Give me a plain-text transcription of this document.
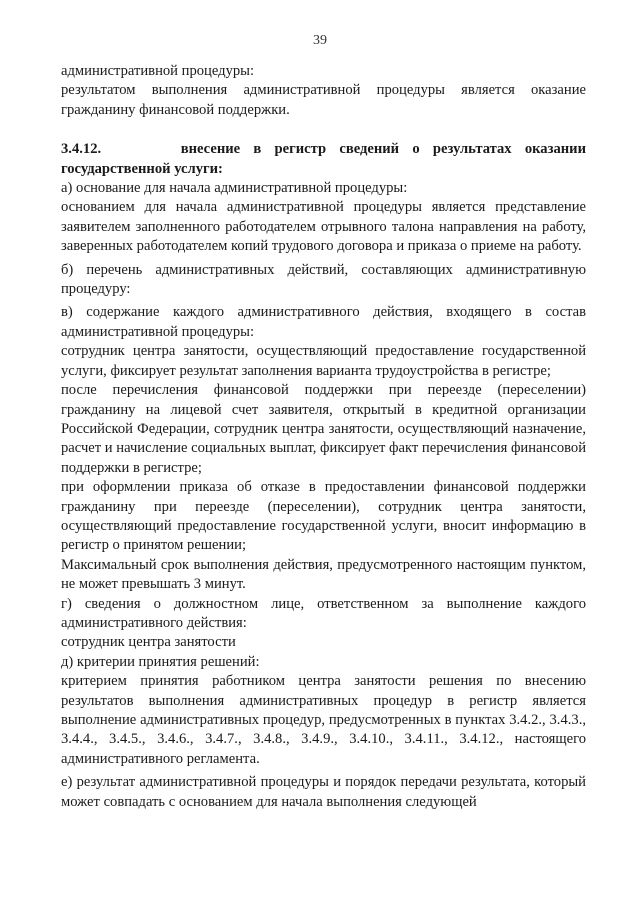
39

административной процедуры:

результатом выполнения административной процедуры является оказание гражданину финансовой поддержки.

3.4.12.	внесение в регистр сведений о результатах оказании
государственной услуги:

а) основание для начала административной процедуры:

основанием для начала административной процедуры является представление заявителем заполненного работодателем отрывного талона направления на работу, заверенных работодателем копий трудового договора и приказа о приеме на работу.

б) перечень административных действий, составляющих административную процедуру:

в) содержание каждого административного действия, входящего в состав административной процедуры:

сотрудник центра занятости, осуществляющий предоставление государственной услуги, фиксирует результат заполнения варианта трудоустройства в регистре;

после перечисления финансовой поддержки при переезде (переселении) гражданину на лицевой счет заявителя, открытый в кредитной организации Российской Федерации, сотрудник центра занятости, осуществляющий назначение, расчет и начисление социальных выплат, фиксирует факт перечисления финансовой поддержки в регистре;

при оформлении приказа об отказе в предоставлении финансовой поддержки гражданину при переезде (переселении), сотрудник центра занятости, осуществляющий предоставление государственной услуги, вносит информацию в регистр о принятом решении;

Максимальный срок выполнения действия, предусмотренного настоящим пунктом, не может превышать 3 минут.

г) сведения о должностном лице, ответственном за выполнение каждого административного действия:

сотрудник центра занятости

д) критерии принятия решений:

критерием принятия работником центра занятости решения по внесению результатов выполнения административных процедур в регистр является выполнение административных процедур, предусмотренных в пунктах 3.4.2., 3.4.3., 3.4.4., 3.4.5., 3.4.6., 3.4.7., 3.4.8., 3.4.9., 3.4.10., 3.4.11., 3.4.12., настоящего административного регламента.

е) результат административной процедуры и порядок передачи результата, который может совпадать с основанием для начала выполнения следующей
